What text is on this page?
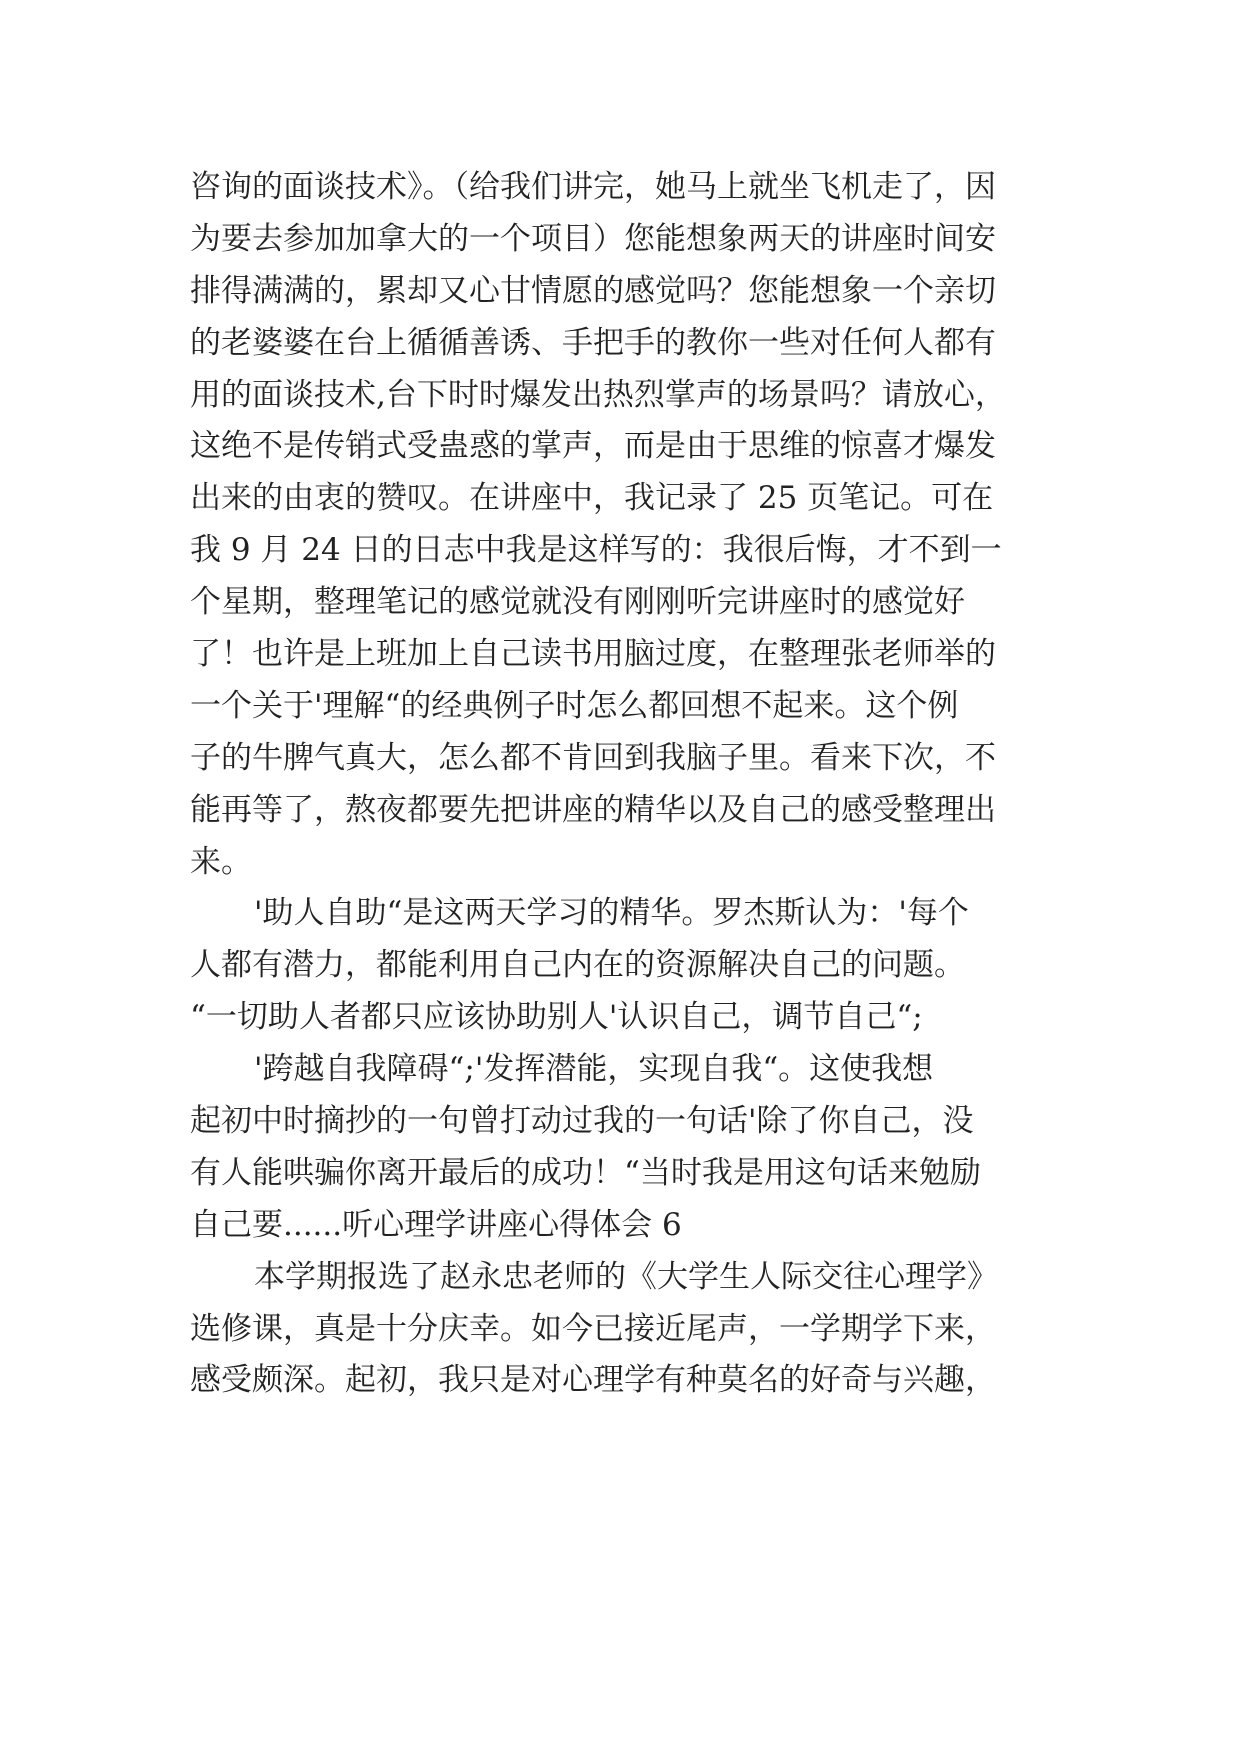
咨询的面谈技术》。（给我们讲完，她马上就坐飞机走了，因
为要去参加加拿大的一个项目）您能想象两天的讲座时间安
排得满满的，累却又心甘情愿的感觉吗？您能想象一个亲切
的老婆婆在台上循循善诱、手把手的教你一些对任何人都有
用的面谈技术,台下时时爆发出热烈掌声的场景吗？请放心，
这绝不是传销式受蛊惑的掌声，而是由于思维的惊喜才爆发
出来的由衷的赞叹。在讲座中，我记录了 25 页笔记。可在
我 9 月 24 日的日志中我是这样写的：我很后悔，才不到一
个星期，整理笔记的感觉就没有刚刚听完讲座时的感觉好
了！也许是上班加上自己读书用脑过度，在整理张老师举的
一个关于'理解“的经典例子时怎么都回想不起来。这个例
子的牛脾气真大，怎么都不肯回到我脑子里。看来下次，不
能再等了，熬夜都要先把讲座的精华以及自己的感受整理出
来。
'助人自助“是这两天学习的精华。罗杰斯认为：'每个
人都有潜力，都能利用自己内在的资源解决自己的问题。
“一切助人者都只应该协助别人'认识自己，调节自己“;
'跨越自我障碍“;'发挥潜能，实现自我“。这使我想
起初中时摘抄的一句曾打动过我的一句话'除了你自己，没
有人能哄骗你离开最后的成功！“当时我是用这句话来勉励
自己要......听心理学讲座心得体会 6
本学期报选了赵永忠老师的《大学生人际交往心理学》
选修课，真是十分庆幸。如今已接近尾声，一学期学下来，
感受颇深。起初，我只是对心理学有种莫名的好奇与兴趣，
